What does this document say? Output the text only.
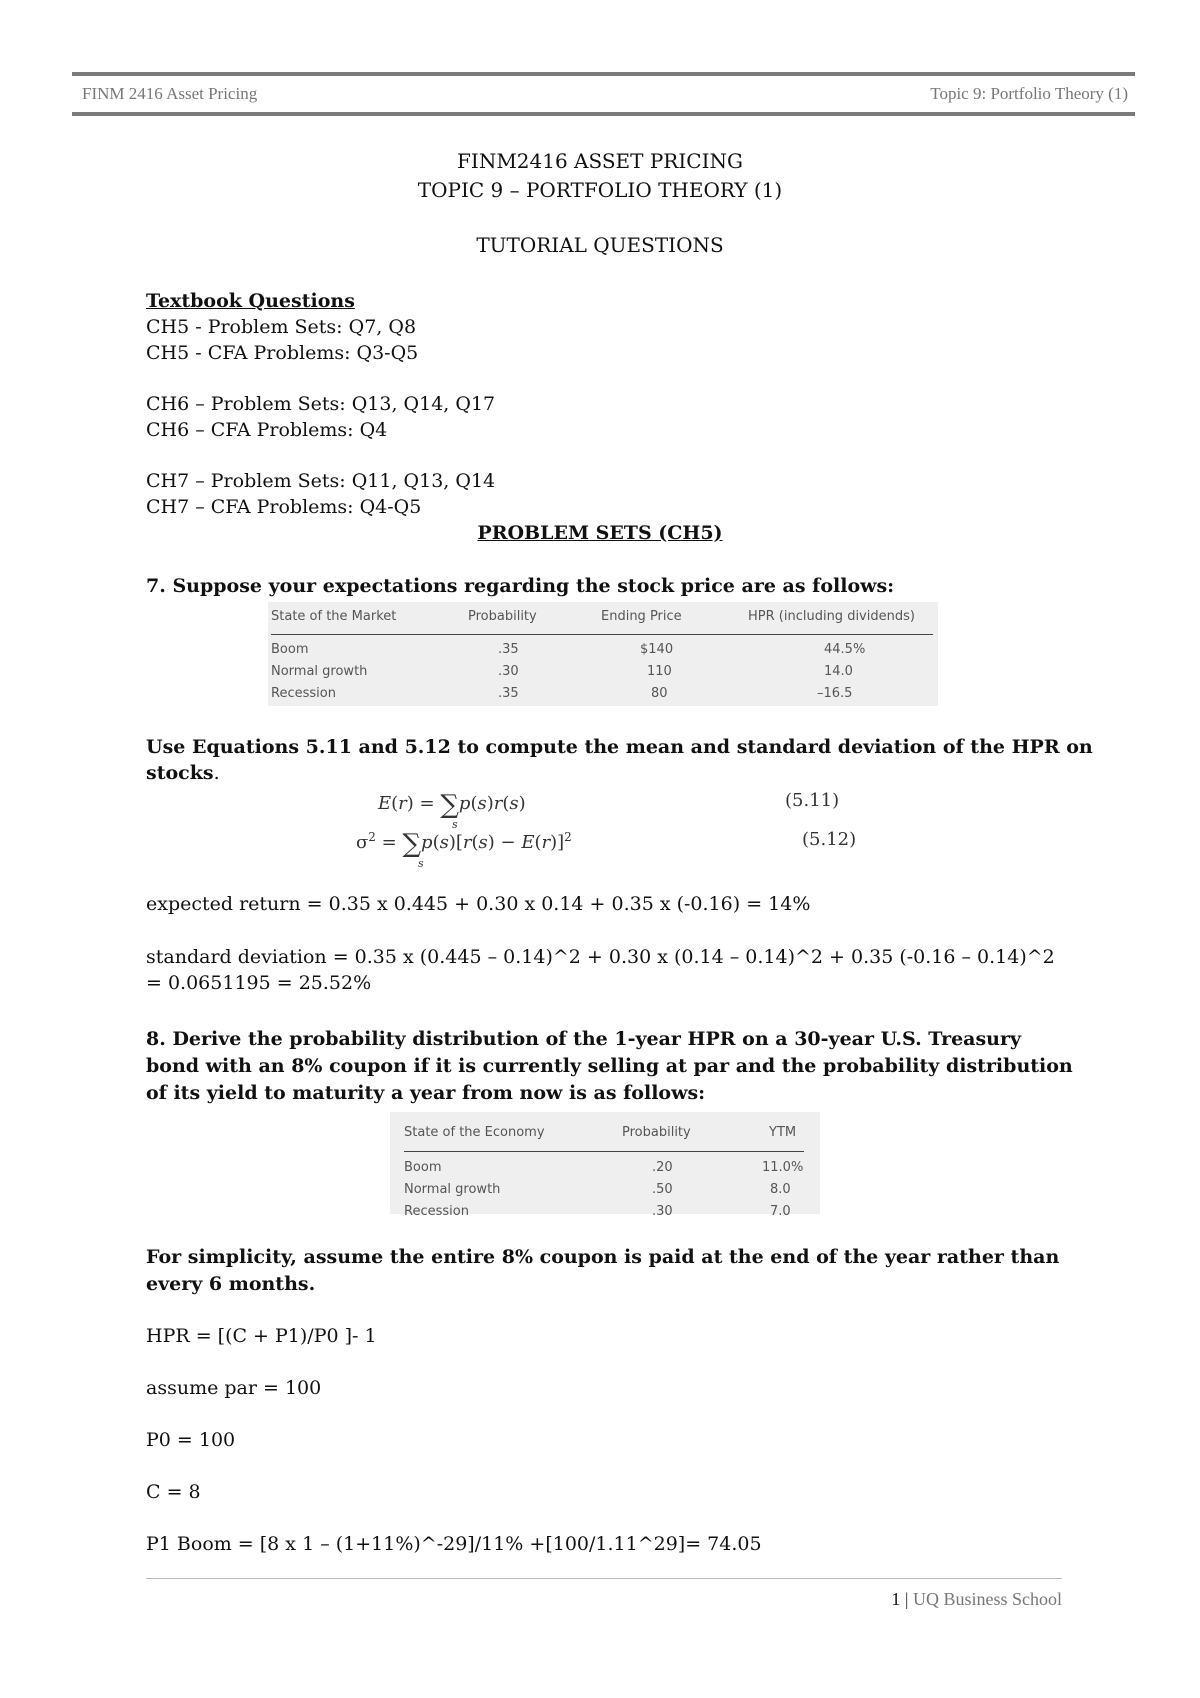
FINM 2416 Asset Pricing	Topic 9: Portfolio Theory (1)
FINM2416 ASSET PRICING
TOPIC 9 – PORTFOLIO THEORY (1)
TUTORIAL QUESTIONS
Textbook Questions
CH5 - Problem Sets: Q7, Q8
CH5 - CFA Problems: Q3-Q5
CH6 – Problem Sets: Q13, Q14, Q17
CH6 – CFA Problems: Q4
CH7 – Problem Sets: Q11, Q13, Q14
CH7 – CFA Problems: Q4-Q5
PROBLEM SETS (CH5)
7. Suppose your expectations regarding the stock price are as follows:
State of the Market	Probability	Ending Price	HPR (including dividends)
Boom	.35	$140	44.5%
Normal growth	.30	110	14.0
Recession	.35	80	–16.5
Use Equations 5.11 and 5.12 to compute the mean and standard deviation of the HPR on
stocks.
E(r) = ∑p(s)r(s)
s
(5.11)
$\sigma^2 = \sum p(s)[r(s) - E(r)]^2$
s
(5.12)
expected return = 0.35 x 0.445 + 0.30 x 0.14 + 0.35 x (-0.16) = 14%
standard deviation = 0.35 x (0.445 – 0.14)^2 + 0.30 x (0.14 – 0.14)^2 + 0.35 (-0.16 – 0.14)^2
= 0.0651195 = 25.52%
8. Derive the probability distribution of the 1-year HPR on a 30-year U.S. Treasury
bond with an 8% coupon if it is currently selling at par and the probability distribution
of its yield to maturity a year from now is as follows:
State of the Economy	Probability	YTM
Boom	.20	11.0%
Normal growth	.50	8.0
Recession	.30	7.0
For simplicity, assume the entire 8% coupon is paid at the end of the year rather than
every 6 months.
HPR = [(C + P1)/P0 ]- 1
assume par = 100
P0 = 100
C = 8
P1 Boom = [8 x 1 – (1+11%)^-29]/11% +[100/1.11^29]= 74.05
1 | UQ Business School
